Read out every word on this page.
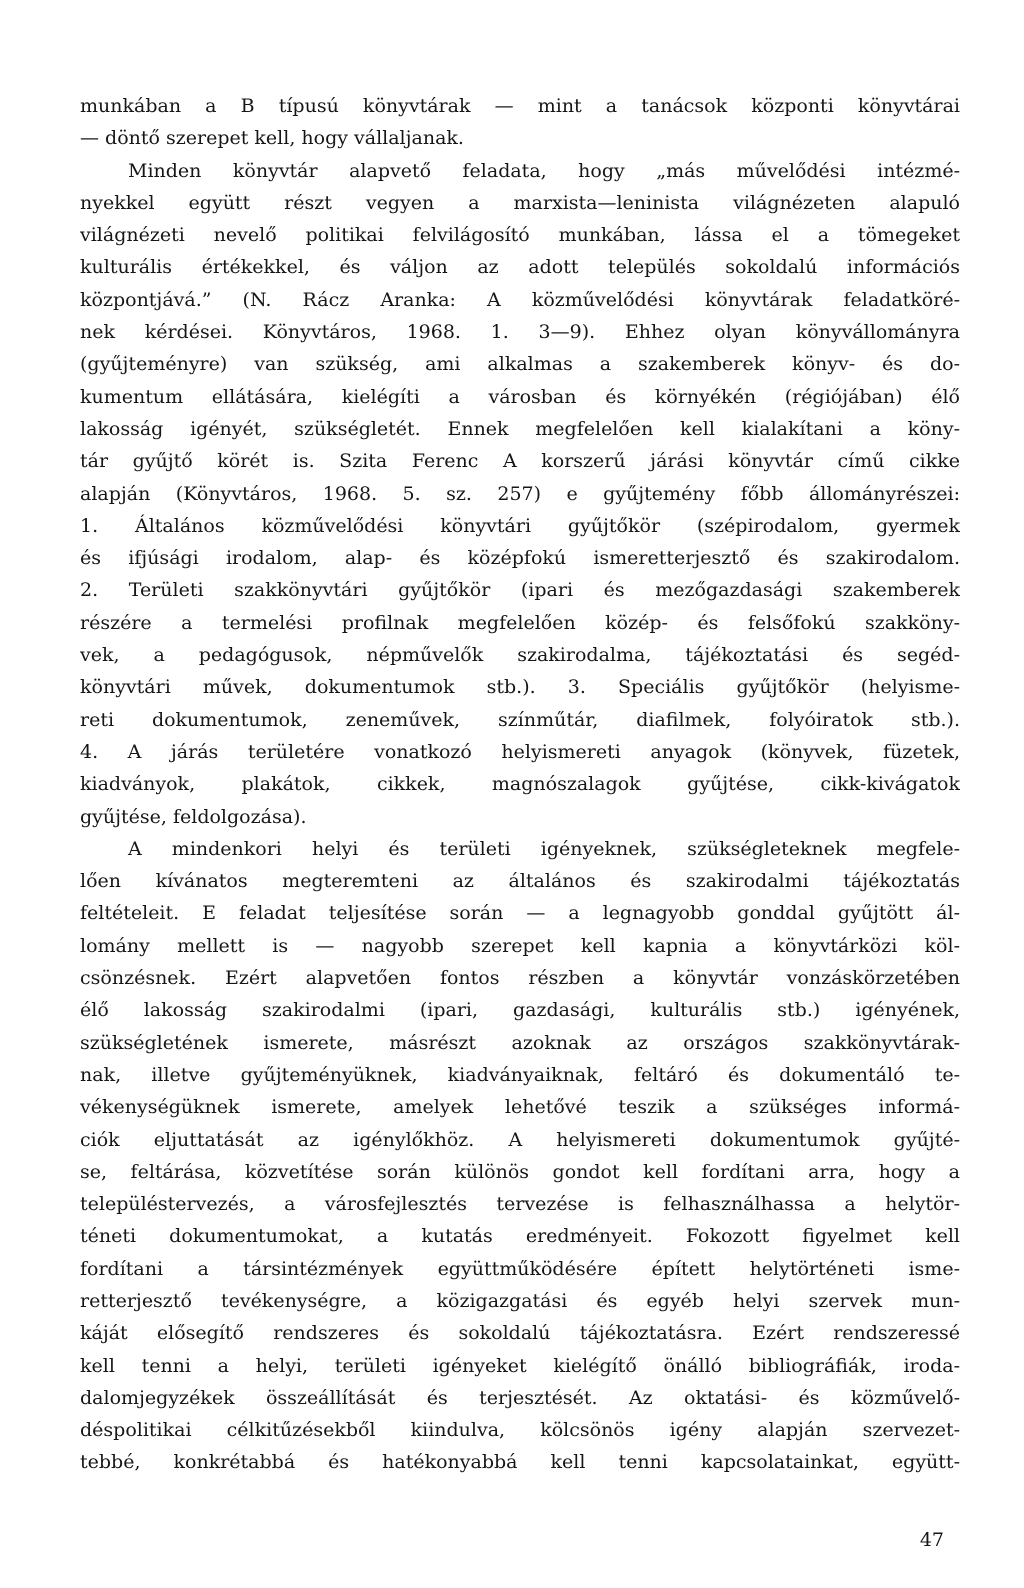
munkában a B típusú könyvtárak — mint a tanácsok központi könyvtárai
— döntő szerepet kell, hogy vállaljanak.
Minden könyvtár alapvető feladata, hogy „más művelődési intézmé-
nyekkel együtt részt vegyen a marxista—leninista világnézeten alapuló
világnézeti nevelő politikai felvilágosító munkában, lássa el a tömegeket
kulturális értékekkel, és váljon az adott település sokoldalú információs
központjává.” (N. Rácz Aranka: A közművelődési könyvtárak feladatköré-
nek kérdései. Könyvtáros, 1968. 1. 3—9). Ehhez olyan könyvállományra
(gyűjteményre) van szükség, ami alkalmas a szakemberek könyv- és do-
kumentum ellátására, kielégíti a városban és környékén (régiójában) élő
lakosság igényét, szükségletét. Ennek megfelelően kell kialakítani a köny-
tár gyűjtő körét is. Szita Ferenc A korszerű járási könyvtár című cikke
alapján (Könyvtáros, 1968. 5. sz. 257) e gyűjtemény főbb állományrészei:
1. Általános közművelődési könyvtári gyűjtőkör (szépirodalom, gyermek
és ifjúsági irodalom, alap- és középfokú ismeretterjesztő és szakirodalom.
2. Területi szakkönyvtári gyűjtőkör (ipari és mezőgazdasági szakemberek
részére a termelési profilnak megfelelően közép- és felsőfokú szakköny-
vek, a pedagógusok, népművelők szakirodalma, tájékoztatási és segéd-
könyvtári művek, dokumentumok stb.). 3. Speciális gyűjtőkör (helyisme-
reti dokumentumok, zeneművek, színműtár, diafilmek, folyóiratok stb.).
4. A járás területére vonatkozó helyismereti anyagok (könyvek, füzetek,
kiadványok, plakátok, cikkek, magnószalagok gyűjtése, cikk-kivágatok
gyűjtése, feldolgozása).
A mindenkori helyi és területi igényeknek, szükségleteknek megfele-
lően kívánatos megteremteni az általános és szakirodalmi tájékoztatás
feltételeit. E feladat teljesítése során — a legnagyobb gonddal gyűjtött ál-
lomány mellett is — nagyobb szerepet kell kapnia a könyvtárközi köl-
csönzésnek. Ezért alapvetően fontos részben a könyvtár vonzáskörzetében
élő lakosság szakirodalmi (ipari, gazdasági, kulturális stb.) igényének,
szükségletének ismerete, másrészt azoknak az országos szakkönyvtárak-
nak, illetve gyűjteményüknek, kiadványaiknak, feltáró és dokumentáló te-
vékenységüknek ismerete, amelyek lehetővé teszik a szükséges informá-
ciók eljuttatását az igénylőkhöz. A helyismereti dokumentumok gyűjté-
se, feltárása, közvetítése során különös gondot kell fordítani arra, hogy a
településtervezés, a városfejlesztés tervezése is felhasználhassa a helytör-
téneti dokumentumokat, a kutatás eredményeit. Fokozott figyelmet kell
fordítani a társintézmények együttműködésére épített helytörténeti isme-
retterjesztő tevékenységre, a közigazgatási és egyéb helyi szervek mun-
káját elősegítő rendszeres és sokoldalú tájékoztatásra. Ezért rendszeressé
kell tenni a helyi, területi igényeket kielégítő önálló bibliográfiák, iroda-
dalomjegyzékek összeállítását és terjesztését. Az oktatási- és közművelő-
déspolitikai célkitűzésekből kiindulva, kölcsönös igény alapján szervezet-
tebbé, konkrétabbá és hatékonyabbá kell tenni kapcsolatainkat, együtt-
47
